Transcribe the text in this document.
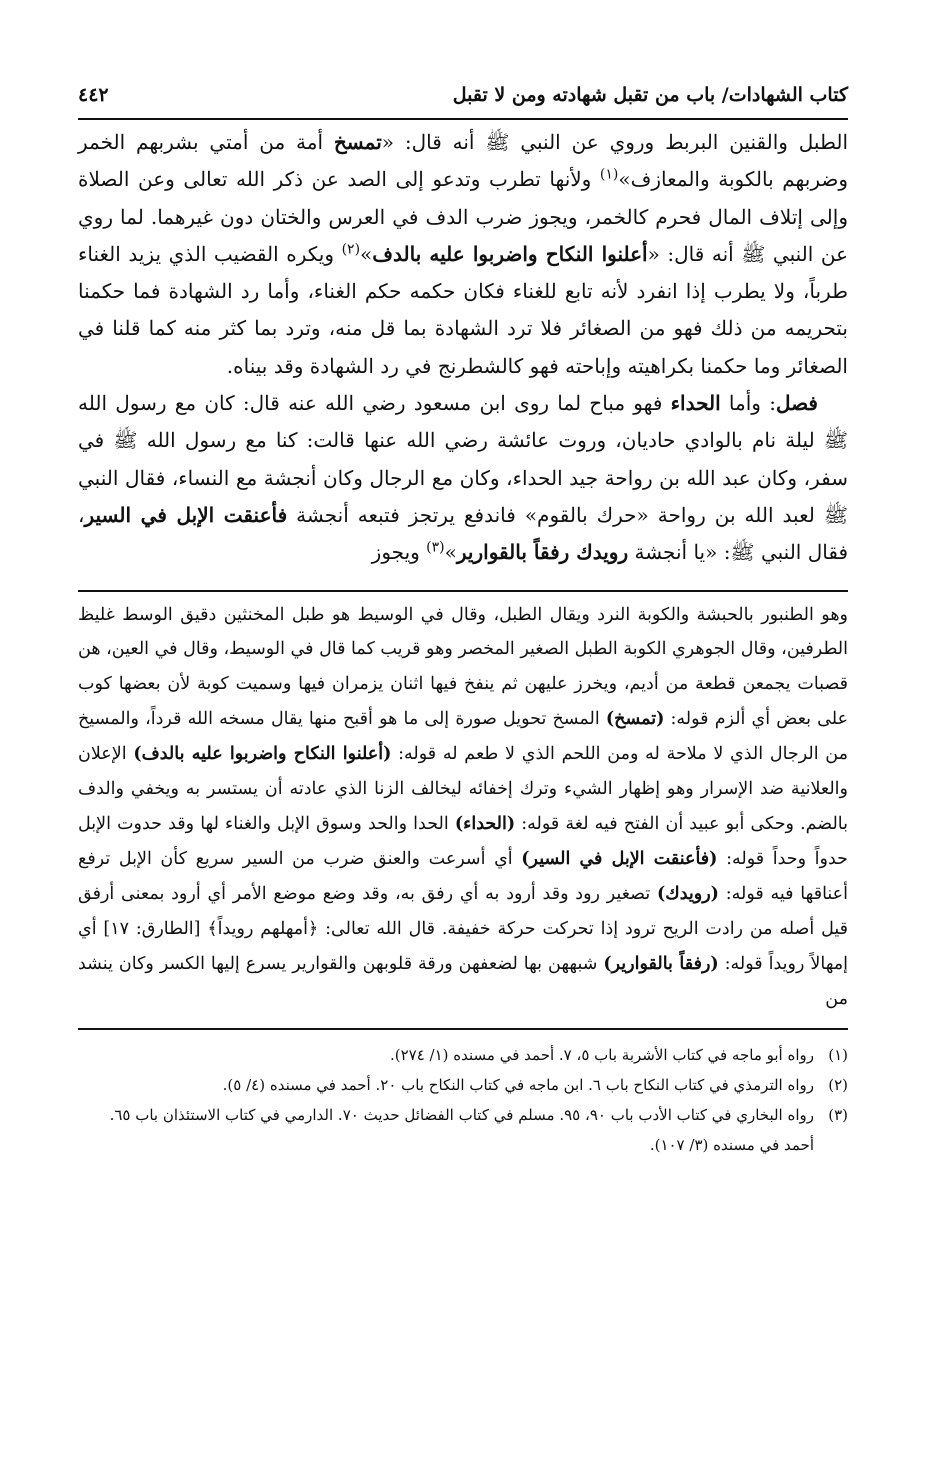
كتاب الشهادات/ باب من تقبل شهادته ومن لا تقبل
٤٤٢

الطبل والقنين البربط وروي عن النبي ﷺ أنه قال: «تمسخ أمة من أمتي بشربهم الخمر وضربهم بالكوبة والمعازف»$^{(١)}$ ولأنها تطرب وتدعو إلى الصد عن ذكر الله تعالى وعن الصلاة وإلى إتلاف المال فحرم كالخمر، ويجوز ضرب الدف في العرس والختان دون غيرهما. لما روي عن النبي ﷺ أنه قال: «أعلنوا النكاح واضربوا عليه بالدف»$^{(٢)}$ ويكره القضيب الذي يزيد الغناء طرباً، ولا يطرب إذا انفرد لأنه تابع للغناء فكان حكمه حكم الغناء، وأما رد الشهادة فما حكمنا بتحريمه من ذلك فهو من الصغائر فلا ترد الشهادة بما قل منه، وترد بما كثر منه كما قلنا في الصغائر وما حكمنا بكراهيته وإباحته فهو كالشطرنج في رد الشهادة وقد بيناه.

فصل: وأما الحداء فهو مباح لما روى ابن مسعود رضي الله عنه قال: كان مع رسول الله ﷺ ليلة نام بالوادي حاديان، وروت عائشة رضي الله عنها قالت: كنا مع رسول الله ﷺ في سفر، وكان عبد الله بن رواحة جيد الحداء، وكان مع الرجال وكان أنجشة مع النساء، فقال النبي ﷺ لعبد الله بن رواحة «حرك بالقوم» فاندفع يرتجز فتبعه أنجشة فأعنقت الإبل في السير، فقال النبي ﷺ: «يا أنجشة رويدك رفقاً بالقوارير»$^{(٣)}$ ويجوز

وهو الطنبور بالحبشة والكوبة النرد ويقال الطبل، وقال في الوسيط هو طبل المخنثين دقيق الوسط غليظ الطرفين، وقال الجوهري الكوبة الطبل الصغير المخصر وهو قريب كما قال في الوسيط، وقال في العين، هن قصبات يجمعن قطعة من أديم، ويخرز عليهن ثم ينفخ فيها اثنان يزمران فيها وسميت كوبة لأن بعضها كوب على بعض أي ألزم قوله: (تمسخ) المسخ تحويل صورة إلى ما هو أقبح منها يقال مسخه الله قرداً، والمسيخ من الرجال الذي لا ملاحة له ومن اللحم الذي لا طعم له قوله: (أعلنوا النكاح واضربوا عليه بالدف) الإعلان والعلانية ضد الإسرار وهو إظهار الشيء وترك إخفائه ليخالف الزنا الذي عادته أن يستسر به ويخفي والدف بالضم. وحكى أبو عبيد أن الفتح فيه لغة قوله: (الحداء) الحدا والحد وسوق الإبل والغناء لها وقد حدوت الإبل حدواً وحداً قوله: (فأعنقت الإبل في السير) أي أسرعت والعنق ضرب من السير سريع كأن الإبل ترفع أعناقها فيه قوله: (رويدك) تصغير رود وقد أرود به أي رفق به، وقد وضع موضع الأمر أي أرود بمعنى أرفق قيل أصله من رادت الريح ترود إذا تحركت حركة خفيفة. قال الله تعالى: ﴿أمهلهم رويداً﴾ [الطارق: ١٧] أي إمهالاً رويداً قوله: (رفقاً بالقوارير) شبههن بها لضعفهن ورقة قلوبهن والقوارير يسرع إليها الكسر وكان ينشد من

(١)
رواه أبو ماجه في كتاب الأشربة باب ٥، ٧. أحمد في مسنده (١/ ٢٧٤).
(٢)
رواه الترمذي في كتاب النكاح باب ٦. ابن ماجه في كتاب النكاح باب ٢٠. أحمد في مسنده (٤/ ٥).
(٣)
رواه البخاري في كتاب الأدب باب ٩٠، ٩٥. مسلم في كتاب الفضائل حديث ٧٠. الدارمي في كتاب الاستئذان باب ٦٥. أحمد في مسنده (٣/ ١٠٧).
